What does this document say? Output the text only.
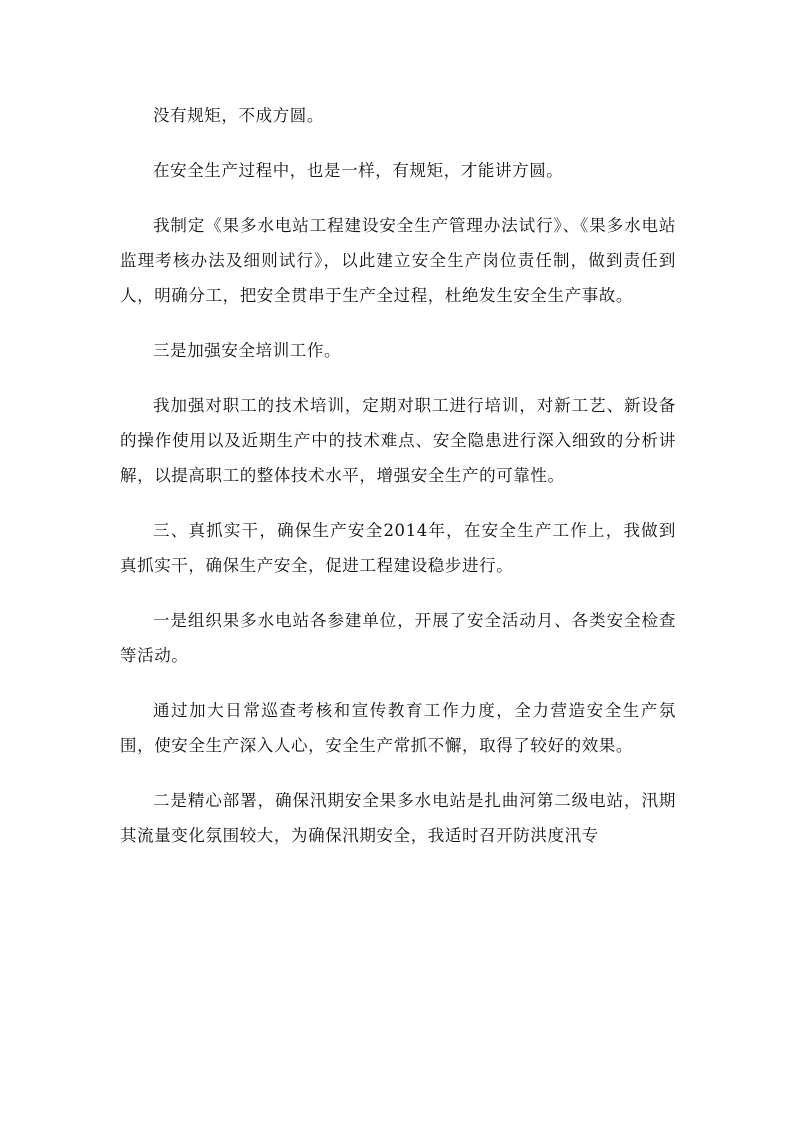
没有规矩，不成方圆。

在安全生产过程中，也是一样，有规矩，才能讲方圆。

我制定《果多水电站工程建设安全生产管理办法试行》、《果多水电站监理考核办法及细则试行》，以此建立安全生产岗位责任制，做到责任到人，明确分工，把安全贯串于生产全过程，杜绝发生安全生产事故。

三是加强安全培训工作。

我加强对职工的技术培训，定期对职工进行培训，对新工艺、新设备的操作使用以及近期生产中的技术难点、安全隐患进行深入细致的分析讲解，以提高职工的整体技术水平，增强安全生产的可靠性。

三、真抓实干，确保生产安全2014年，在安全生产工作上，我做到真抓实干，确保生产安全，促进工程建设稳步进行。

一是组织果多水电站各参建单位，开展了安全活动月、各类安全检查等活动。

通过加大日常巡查考核和宣传教育工作力度，全力营造安全生产氛围，使安全生产深入人心，安全生产常抓不懈，取得了较好的效果。

二是精心部署，确保汛期安全果多水电站是扎曲河第二级电站，汛期其流量变化氛围较大，为确保汛期安全，我适时召开防洪度汛专
